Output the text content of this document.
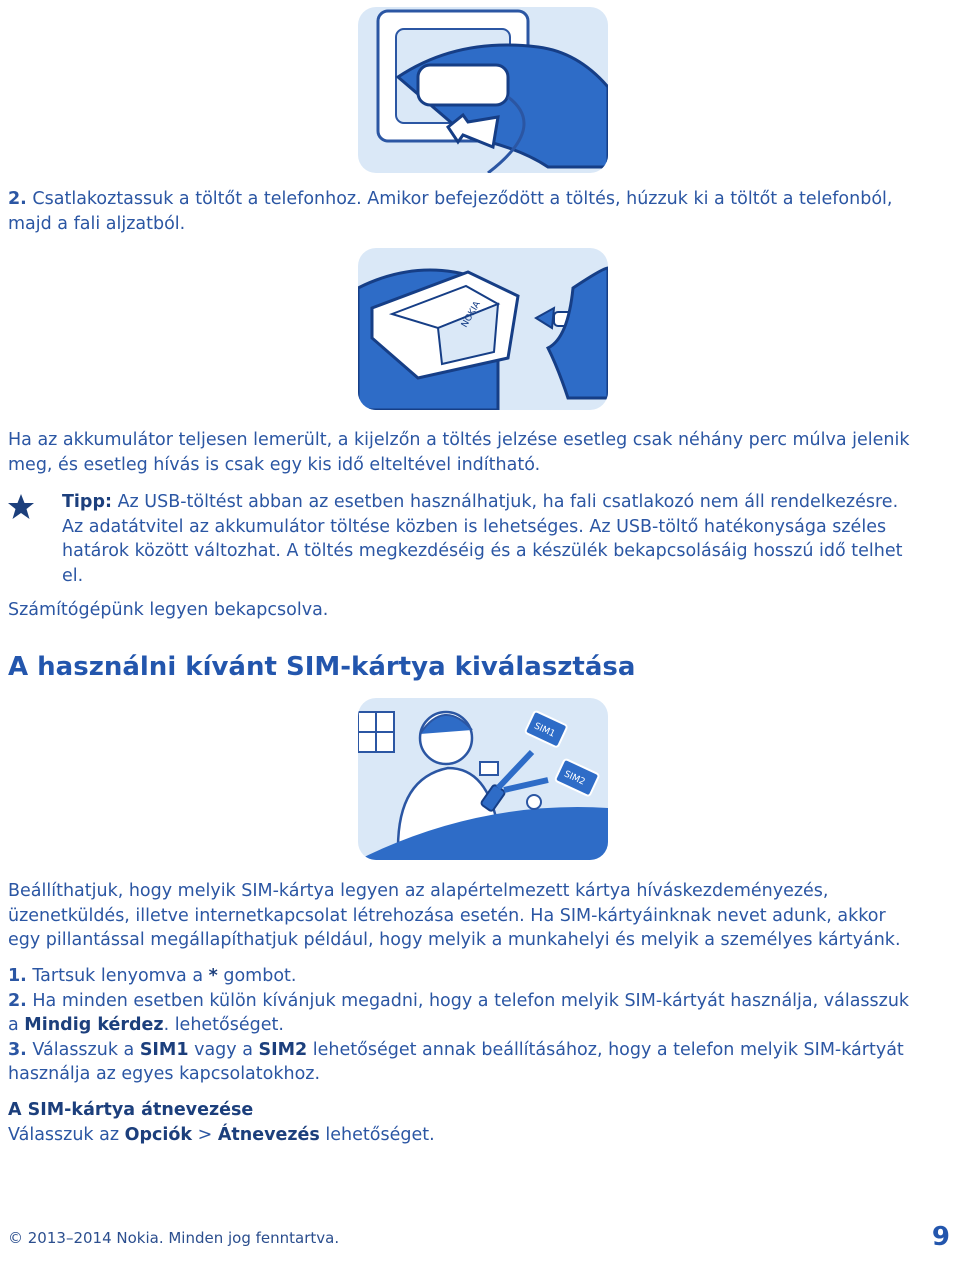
2. Csatlakoztassuk a töltőt a telefonhoz. Amikor befejeződött a töltés, húzzuk ki a töltőt a telefonból,
majd a fali aljzatból.

NOKIA

Ha az akkumulátor teljesen lemerült, a kijelzőn a töltés jelzése esetleg csak néhány perc múlva jelenik
meg, és esetleg hívás is csak egy kis idő elteltével indítható.

Tipp: Az USB-töltést abban az esetben használhatjuk, ha fali csatlakozó nem áll rendelkezésre.
Az adatátvitel az akkumulátor töltése közben is lehetséges. Az USB-töltő hatékonysága széles
határok között változhat. A töltés megkezdéséig és a készülék bekapcsolásáig hosszú idő telhet
el.

Számítógépünk legyen bekapcsolva.

A használni kívánt SIM-kártya kiválasztása
SIM1
SIM2

Beállíthatjuk, hogy melyik SIM-kártya legyen az alapértelmezett kártya híváskezdeményezés,
üzenetküldés, illetve internetkapcsolat létrehozása esetén. Ha SIM-kártyáinknak nevet adunk, akkor
egy pillantással megállapíthatjuk például, hogy melyik a munkahelyi és melyik a személyes kártyánk.

1. Tartsuk lenyomva a * gombot.
2. Ha minden esetben külön kívánjuk megadni, hogy a telefon melyik SIM-kártyát használja, válasszuk
a Mindig kérdez. lehetőséget.
3. Válasszuk a SIM1 vagy a SIM2 lehetőséget annak beállításához, hogy a telefon melyik SIM-kártyát
használja az egyes kapcsolatokhoz.

A SIM-kártya átnevezése
Válasszuk az Opciók > Átnevezés lehetőséget.

© 2013–2014 Nokia. Minden jog fenntartva.	9
